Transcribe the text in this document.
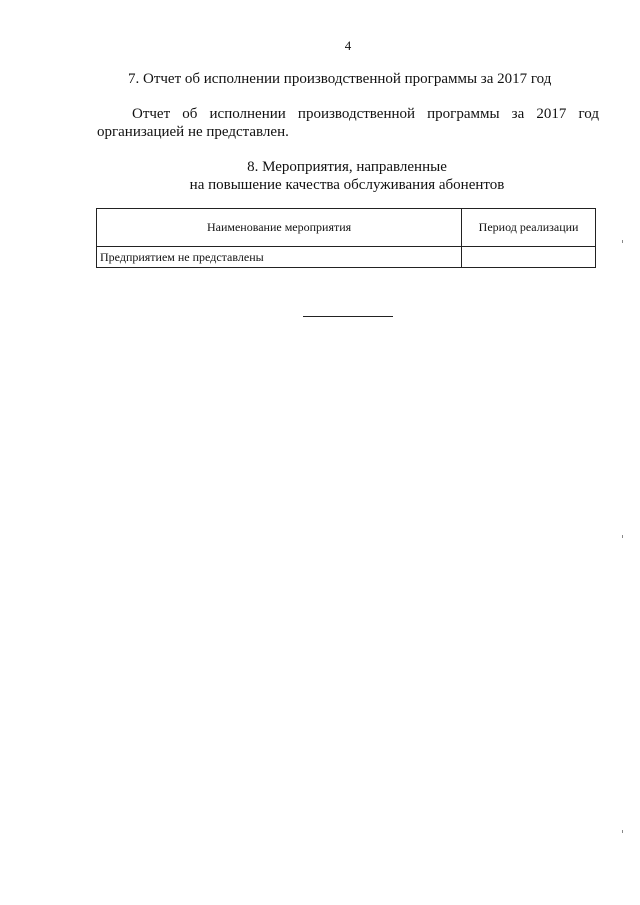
4
7. Отчет об исполнении производственной программы за 2017 год
Отчет об исполнении производственной программы за 2017 год
организацией не представлен.
8. Мероприятия, направленные
на повышение качества обслуживания абонентов
Наименование мероприятия	Период реализации
Предприятием не представлены	
